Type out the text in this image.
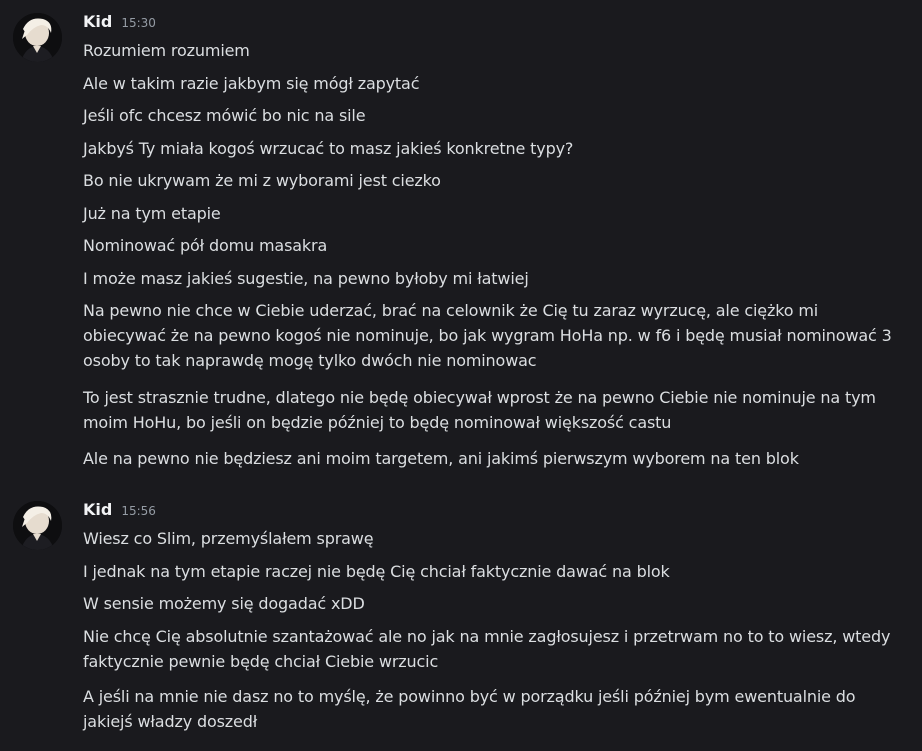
Kid 15:30

Rozumiem rozumiem

Ale w takim razie jakbym się mógł zapytać

Jeśli ofc chcesz mówić bo nic na sile

Jakbyś Ty miała kogoś wrzucać to masz jakieś konkretne typy?

Bo nie ukrywam że mi z wyborami jest ciezko

Już na tym etapie

Nominować pół domu masakra

I może masz jakieś sugestie, na pewno byłoby mi łatwiej

Na pewno nie chce w Ciebie uderzać, brać na celownik że Cię tu zaraz wyrzucę, ale ciężko mi obiecywać że na pewno kogoś nie nominuje, bo jak wygram HoHa np. w f6 i będę musiał nominować 3 osoby to tak naprawdę mogę tylko dwóch nie nominowac

To jest strasznie trudne, dlatego nie będę obiecywał wprost że na pewno Ciebie nie nominuje na tym moim HoHu, bo jeśli on będzie później to będę nominował większość castu

Ale na pewno nie będziesz ani moim targetem, ani jakimś pierwszym wyborem na ten blok

Kid 15:56

Wiesz co Slim, przemyślałem sprawę

I jednak na tym etapie raczej nie będę Cię chciał faktycznie dawać na blok

W sensie możemy się dogadać xDD

Nie chcę Cię absolutnie szantażować ale no jak na mnie zagłosujesz i przetrwam no to to wiesz, wtedy faktycznie pewnie będę chciał Ciebie wrzucic

A jeśli na mnie nie dasz no to myślę, że powinno być w porządku jeśli później bym ewentualnie do jakiejś władzy doszedł
